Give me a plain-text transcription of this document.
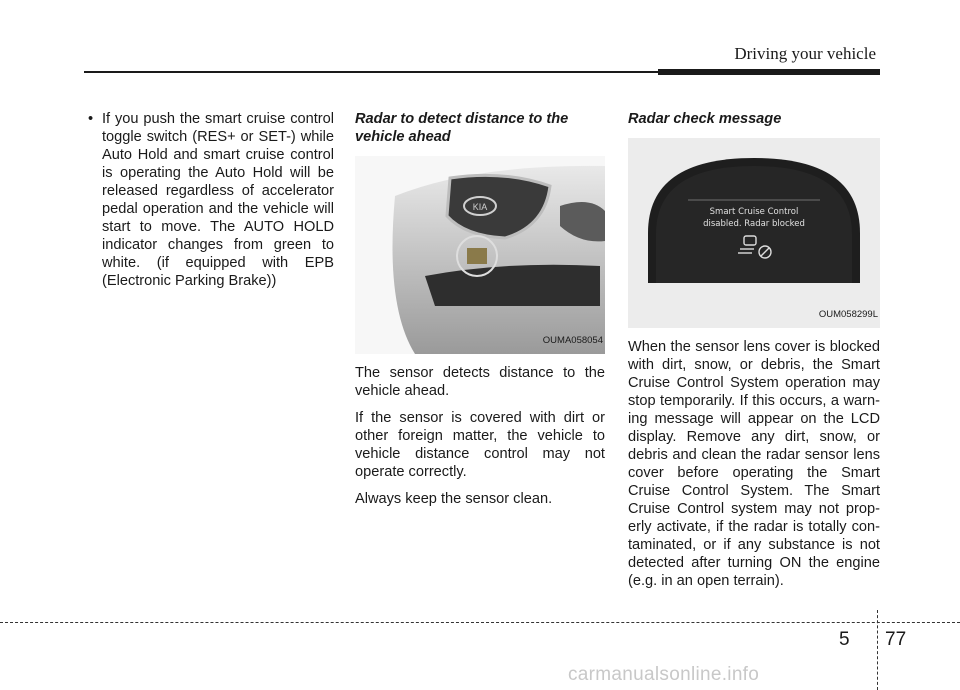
Driving your vehicle
• If you push the smart cruise control toggle switch (RES+ or SET-) while Auto Hold and smart cruise control is operating the Auto Hold will be released regardless of accelerator pedal operation and the vehicle will start to move. The AUTO HOLD indicator changes from green to white. (if equipped with EPB (Electronic Parking Brake))
Radar to detect distance to the vehicle ahead
KIA
OUMA058054

The sensor detects distance to the vehicle ahead.

If the sensor is covered with dirt or other foreign matter, the vehicle to vehicle distance control may not operate correctly.

Always keep the sensor clean.

Radar check message
Smart Cruise Control
disabled. Radar blocked
OUM058299L

When the sensor lens cover is blocked with dirt, snow, or debris, the Smart Cruise Control System operation may stop temporarily. If this occurs, a warn- ing message will appear on the LCD display. Remove any dirt, snow, or debris and clean the radar sensor lens cover before operating the Smart Cruise Control System. The Smart Cruise Control system may not prop- erly activate, if the radar is totally con- taminated, or if any substance is not detected after turning ON the engine (e.g. in an open terrain).

5 77
carmanualsonline.info
